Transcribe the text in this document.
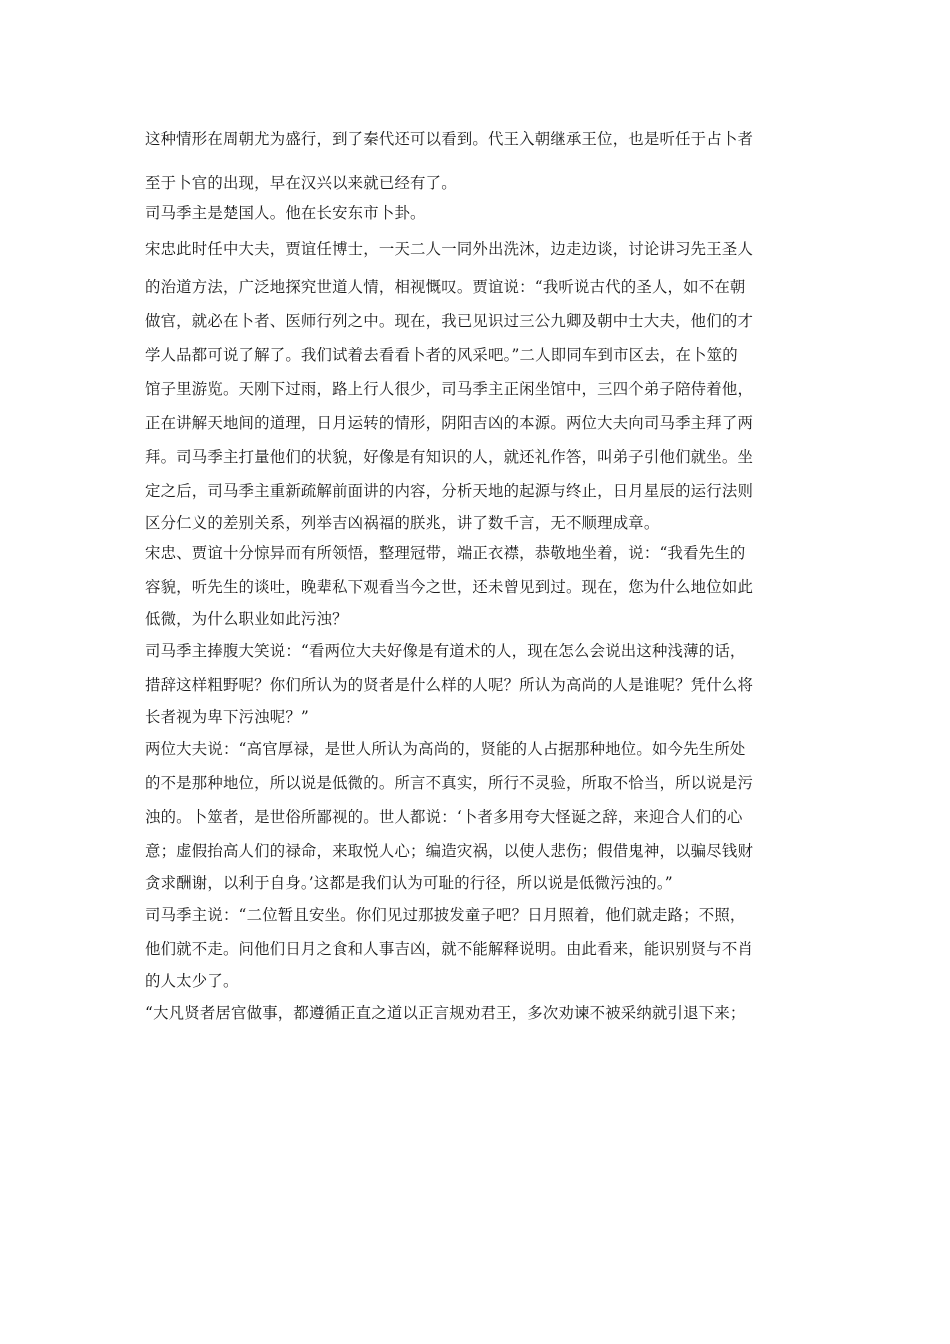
这种情形在周朝尤为盛行，到了秦代还可以看到。代王入朝继承王位，也是听任于占卜者
至于卜官的出现，早在汉兴以来就已经有了。
司马季主是楚国人。他在长安东市卜卦。
宋忠此时任中大夫，贾谊任博士，一天二人一同外出洗沐，边走边谈，讨论讲习先王圣人
的治道方法，广泛地探究世道人情，相视慨叹。贾谊说：“我听说古代的圣人，如不在朝
做官，就必在卜者、医师行列之中。现在，我已见识过三公九卿及朝中士大夫，他们的才
学人品都可说了解了。我们试着去看看卜者的风采吧。”二人即同车到市区去，在卜筮的
馆子里游览。天刚下过雨，路上行人很少，司马季主正闲坐馆中，三四个弟子陪侍着他，
正在讲解天地间的道理，日月运转的情形，阴阳吉凶的本源。两位大夫向司马季主拜了两
拜。司马季主打量他们的状貌，好像是有知识的人，就还礼作答，叫弟子引他们就坐。坐
定之后，司马季主重新疏解前面讲的内容，分析天地的起源与终止，日月星辰的运行法则
区分仁义的差别关系，列举吉凶祸福的朕兆，讲了数千言，无不顺理成章。
宋忠、贾谊十分惊异而有所领悟，整理冠带，端正衣襟，恭敬地坐着，说：“我看先生的
容貌，听先生的谈吐，晚辈私下观看当今之世，还未曾见到过。现在，您为什么地位如此
低微，为什么职业如此污浊？
司马季主捧腹大笑说：“看两位大夫好像是有道术的人，现在怎么会说出这种浅薄的话，
措辞这样粗野呢？你们所认为的贤者是什么样的人呢？所认为高尚的人是谁呢？凭什么将
长者视为卑下污浊呢？”
两位大夫说：“高官厚禄，是世人所认为高尚的，贤能的人占据那种地位。如今先生所处
的不是那种地位，所以说是低微的。所言不真实，所行不灵验，所取不恰当，所以说是污
浊的。卜筮者，是世俗所鄙视的。世人都说：‘卜者多用夸大怪诞之辞，来迎合人们的心
意；虚假抬高人们的禄命，来取悦人心；编造灾祸，以使人悲伤；假借鬼神，以骗尽钱财
贪求酬谢，以利于自身。’这都是我们认为可耻的行径，所以说是低微污浊的。”
司马季主说：“二位暂且安坐。你们见过那披发童子吧？日月照着，他们就走路；不照，
他们就不走。问他们日月之食和人事吉凶，就不能解释说明。由此看来，能识别贤与不肖
的人太少了。
“大凡贤者居官做事，都遵循正直之道以正言规劝君王，多次劝谏不被采纳就引退下来；
